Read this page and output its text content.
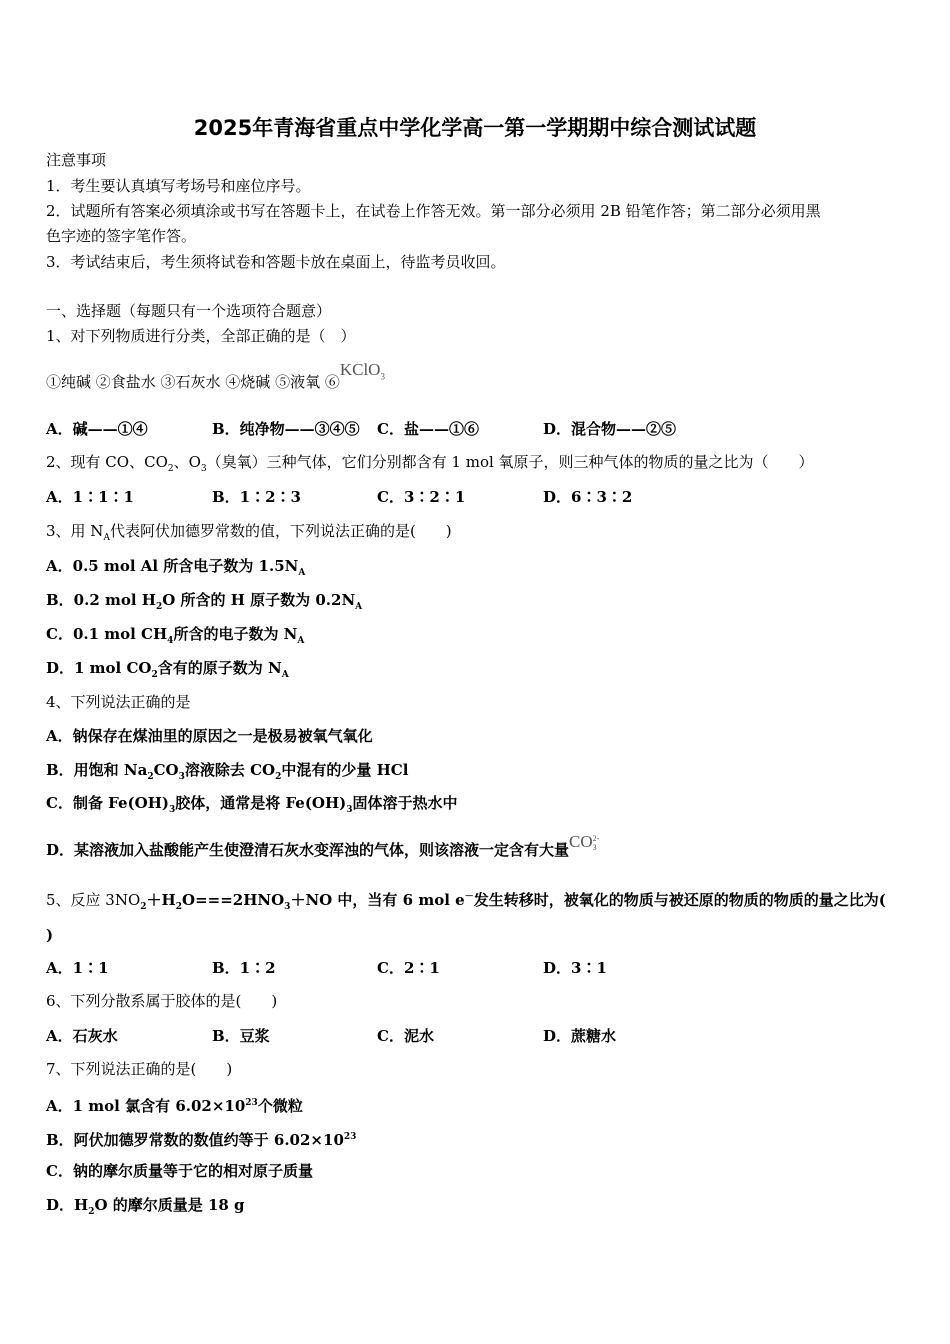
2025年青海省重点中学化学高一第一学期期中综合测试试题
注意事项
1．考生要认真填写考场号和座位序号。
2．试题所有答案必须填涂或书写在答题卡上，在试卷上作答无效。第一部分必须用 2B 铅笔作答；第二部分必须用黑
色字迹的签字笔作答。
3．考试结束后，考生须将试卷和答题卡放在桌面上，待监考员收回。
一、选择题（每题只有一个选项符合题意）
1、对下列物质进行分类，全部正确的是（　）
①纯碱 ②食盐水 ③石灰水 ④烧碱 ⑤液氧 ⑥KClO$_3$
A．碱——①④	B．纯净物——③④⑤ C．盐——①⑥	D．混合物——②⑤
2、现有 CO、$CO_2$、$O_3$（臭氧）三种气体，它们分别都含有 1 mol 氧原子，则三种气体的物质的量之比为（　　）
A．1∶1∶1	B．1∶2∶3	C．3∶2∶1	D．6∶3∶2
3、用 $N_A$代表阿伏加德罗常数的值，下列说法正确的是(　　)
A．0.5 mol Al 所含电子数为 $1.5N_A$
B．0.2 mol $H_2O$ 所含的 H 原子数为 $0.2N_A$
C．0.1 mol $CH_4$所含的电子数为 $N_A$
D．1 mol $CO_2$含有的原子数为 $N_A$
4、下列说法正确的是
A．钠保存在煤油里的原因之一是极易被氧气氧化
B．用饱和 $Na_2CO_3$溶液除去 $CO_2$中混有的少量 HCl
C．制备 $Fe(OH)_3$胶体，通常是将 $Fe(OH)_3$固体溶于热水中
D．某溶液加入盐酸能产生使澄清石灰水变浑浊的气体，则该溶液一定含有大量CO2-
3
5、反应 $3NO_2+H_2O===2HNO_3+NO$ 中，当有 6 mol e－发生转移时，被氧化的物质与被还原的物质的物质的量之比为(
)
A．1∶1	B．1∶2	C．2∶1	D．3∶1
6、下列分散系属于胶体的是(　　)
A．石灰水	B．豆浆	C．泥水	D．蔗糖水
7、下列说法正确的是(　　)
A．1 mol 氯含有 $6.02\times 10^{23}$个微粒
B．阿伏加德罗常数的数值约等于 $6.02\times 10^{23}$
C．钠的摩尔质量等于它的相对原子质量
D．$H_2O$ 的摩尔质量是 18 g
